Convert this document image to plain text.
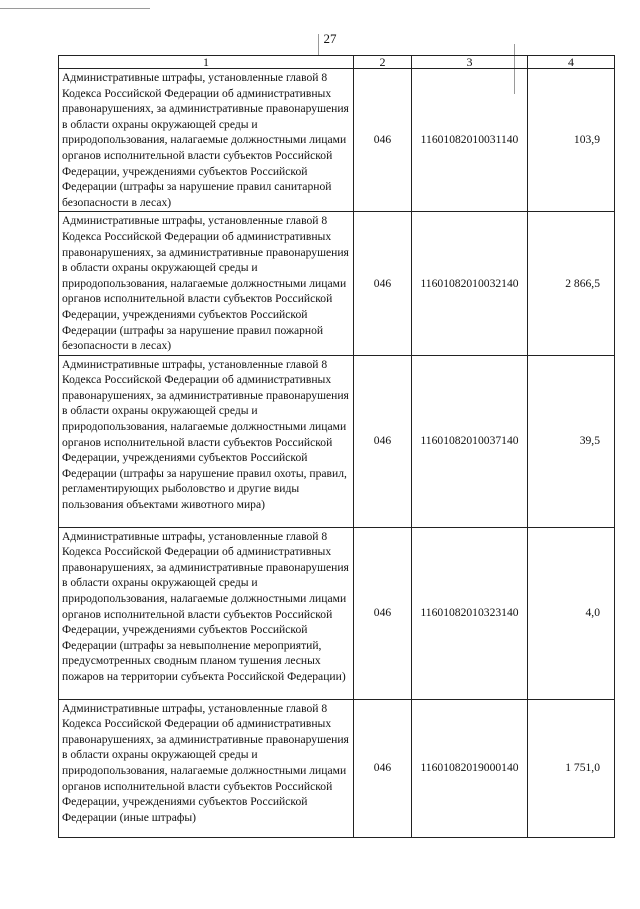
27
1	2	3	4
Административные штрафы, установленные главой 8 Кодекса Российской Федерации об административных правонарушениях, за административные правонарушения в области охраны окружающей среды и природопользования, налагаемые должностными лицами органов исполнительной власти субъектов Российской Федерации, учреждениями субъектов Российской Федерации (штрафы за нарушение правил санитарной безопасности в лесах)	046	11601082010031140	103,9
Административные штрафы, установленные главой 8 Кодекса Российской Федерации об административных правонарушениях, за административные правонарушения в области охраны окружающей среды и природопользования, налагаемые должностными лицами органов исполнительной власти субъектов Российской Федерации, учреждениями субъектов Российской Федерации (штрафы за нарушение правил пожарной безопасности в лесах)	046	11601082010032140	2 866,5
Административные штрафы, установленные главой 8 Кодекса Российской Федерации об административных правонарушениях, за административные правонарушения в области охраны окружающей среды и природопользования, налагаемые должностными лицами органов исполнительной власти субъектов Российской Федерации, учреждениями субъектов Российской Федерации (штрафы за нарушение правил охоты, правил, регламентирующих рыболовство и другие виды пользования объектами животного мира)	046	11601082010037140	39,5
Административные штрафы, установленные главой 8 Кодекса Российской Федерации об административных правонарушениях, за административные правонарушения в области охраны окружающей среды и природопользования, налагаемые должностными лицами органов исполнительной власти субъектов Российской Федерации, учреждениями субъектов Российской Федерации (штрафы за невыполнение мероприятий, предусмотренных сводным планом тушения лесных пожаров на территории субъекта Российской Федерации)	046	11601082010323140	4,0
Административные штрафы, установленные главой 8 Кодекса Российской Федерации об административных правонарушениях, за административные правонарушения в области охраны окружающей среды и природопользования, налагаемые должностными лицами органов исполнительной власти субъектов Российской Федерации, учреждениями субъектов Российской Федерации (иные штрафы)	046	11601082019000140	1 751,0
